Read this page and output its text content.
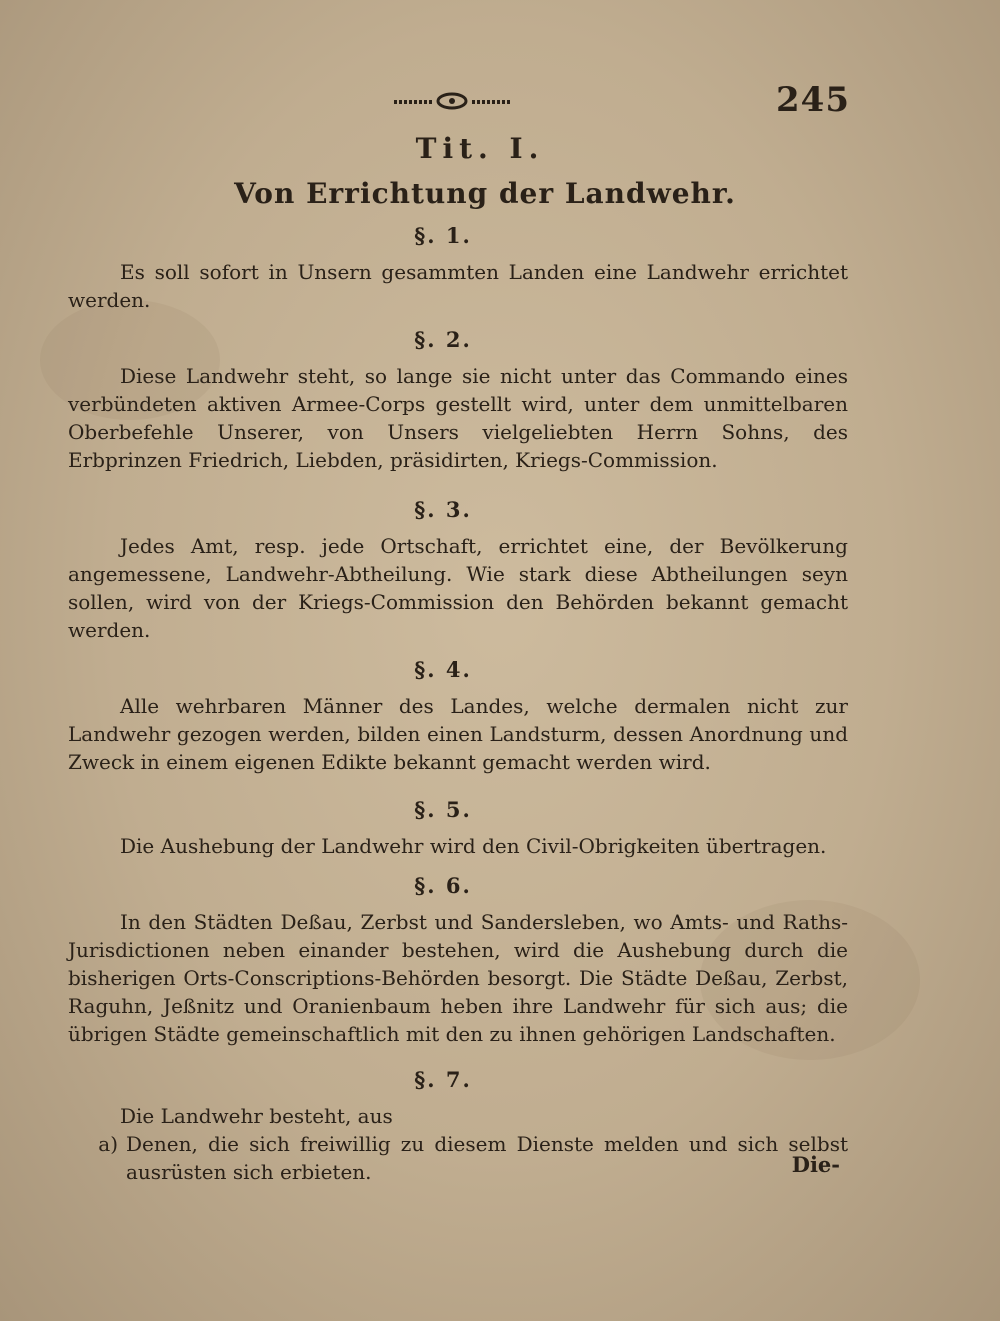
245
Tit. I.
Von Errichtung der Landwehr.
§. 1.
Es soll sofort in Unsern gesammten Landen eine Landwehr errichtet werden.
§. 2.
Diese Landwehr steht, so lange sie nicht unter das Commando eines verbündeten aktiven Armee-Corps gestellt wird, unter dem unmittelbaren Oberbefehle Unserer, von Unsers vielgeliebten Herrn Sohns, des Erbprinzen Friedrich, Liebden, präsidirten, Kriegs-Commission.
§. 3.
Jedes Amt, resp. jede Ortschaft, errichtet eine, der Bevölkerung angemessene, Landwehr-Abtheilung. Wie stark diese Abtheilungen seyn sollen, wird von der Kriegs-Commission den Behörden bekannt gemacht werden.
§. 4.
Alle wehrbaren Männer des Landes, welche dermalen nicht zur Landwehr gezogen werden, bilden einen Landsturm, dessen Anordnung und Zweck in einem eigenen Edikte bekannt gemacht werden wird.
§. 5.
Die Aushebung der Landwehr wird den Civil-Obrigkeiten übertragen.
§. 6.
In den Städten Deßau, Zerbst und Sandersleben, wo Amts- und Raths-Jurisdictionen neben einander bestehen, wird die Aushebung durch die bisherigen Orts-Conscriptions-Behörden besorgt. Die Städte Deßau, Zerbst, Raguhn, Jeßnitz und Oranienbaum heben ihre Landwehr für sich aus; die übrigen Städte gemeinschaftlich mit den zu ihnen gehörigen Landschaften.
§. 7.
Die Landwehr besteht, aus
a) Denen, die sich freiwillig zu diesem Dienste melden und sich selbst ausrüsten sich erbieten.	Die-
